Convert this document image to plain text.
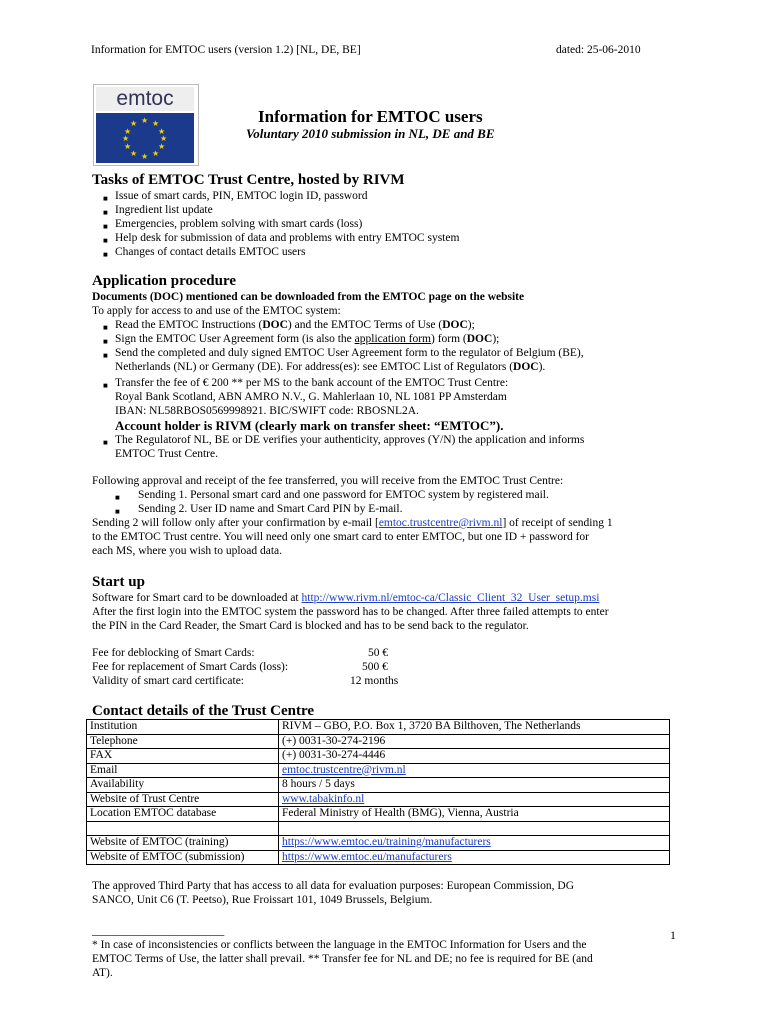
Information for EMTOC users (version 1.2) [NL, DE, BE]	dated: 25-06-2010
emtoc
★ ★
★
★
★
★
★
★
★
★
★
★	Information for EMTOC users
Voluntary 2010 submission in NL, DE and BE
Tasks of EMTOC Trust Centre, hosted by RIVM
■ Issue of smart cards, PIN, EMTOC login ID, password
■ Ingredient list update
■ Emergencies, problem solving with smart cards (loss)
■ Help desk for submission of data and problems with entry EMTOC system
■ Changes of contact details EMTOC users
Application procedure
Documents (DOC) mentioned can be downloaded from the EMTOC page on the website
To apply for access to and use of the EMTOC system:
■ Read the EMTOC Instructions (DOC) and the EMTOC Terms of Use (DOC);
■ Sign the EMTOC User Agreement form (is also the application form) form (DOC);
■ Send the completed and duly signed EMTOC User Agreement form to the regulator of Belgium (BE),
Netherlands (NL) or Germany (DE). For address(es): see EMTOC List of Regulators (DOC).
■ Transfer the fee of € 200 ** per MS to the bank account of the EMTOC Trust Centre:
Royal Bank Scotland, ABN AMRO N.V., G. Mahlerlaan 10, NL 1081 PP Amsterdam
IBAN: NL58RBOS0569998921. BIC/SWIFT code: RBOSNL2A.
Account holder is RIVM (clearly mark on transfer sheet: “EMTOC”).
■ The Regulatorof NL, BE or DE verifies your authenticity, approves (Y/N) the application and informs
EMTOC Trust Centre.
Following approval and receipt of the fee transferred, you will receive from the EMTOC Trust Centre:
■ Sending 1. Personal smart card and one password for EMTOC system by registered mail.
■ Sending 2. User ID name and Smart Card PIN by E-mail.
Sending 2 will follow only after your confirmation by e-mail [emtoc.trustcentre@rivm.nl] of receipt of sending 1
to the EMTOC Trust centre. You will need only one smart card to enter EMTOC, but one ID + password for
each MS, where you wish to upload data.
Start up
Software for Smart card to be downloaded at http://www.rivm.nl/emtoc-ca/Classic_Client_32_User_setup.msi
After the first login into the EMTOC system the password has to be changed. After three failed attempts to enter
the PIN in the Card Reader, the Smart Card is blocked and has to be send back to the regulator.
Fee for deblocking of Smart Cards:	50 €
Fee for replacement of Smart Cards (loss):	500 €
Validity of smart card certificate:	12 months
Contact details of the Trust Centre
Institution	RIVM – GBO, P.O. Box 1, 3720 BA Bilthoven, The Netherlands
Telephone	(+) 0031-30-274-2196
FAX	(+) 0031-30-274-4446
Email	emtoc.trustcentre@rivm.nl
Availability	8 hours / 5 days
Website of Trust Centre	www.tabakinfo.nl
Location EMTOC database	Federal Ministry of Health (BMG), Vienna, Austria

Website of EMTOC (training)	https://www.emtoc.eu/training/manufacturers
Website of EMTOC (submission)	https://www.emtoc.eu/manufacturers
The approved Third Party that has access to all data for evaluation purposes: European Commission, DG
SANCO, Unit C6 (T. Peetso), Rue Froissart 101, 1049 Brussels, Belgium.
_______________________	1
* In case of inconsistencies or conflicts between the language in the EMTOC Information for Users and the
EMTOC Terms of Use, the latter shall prevail. ** Transfer fee for NL and DE; no fee is required for BE (and
AT).
